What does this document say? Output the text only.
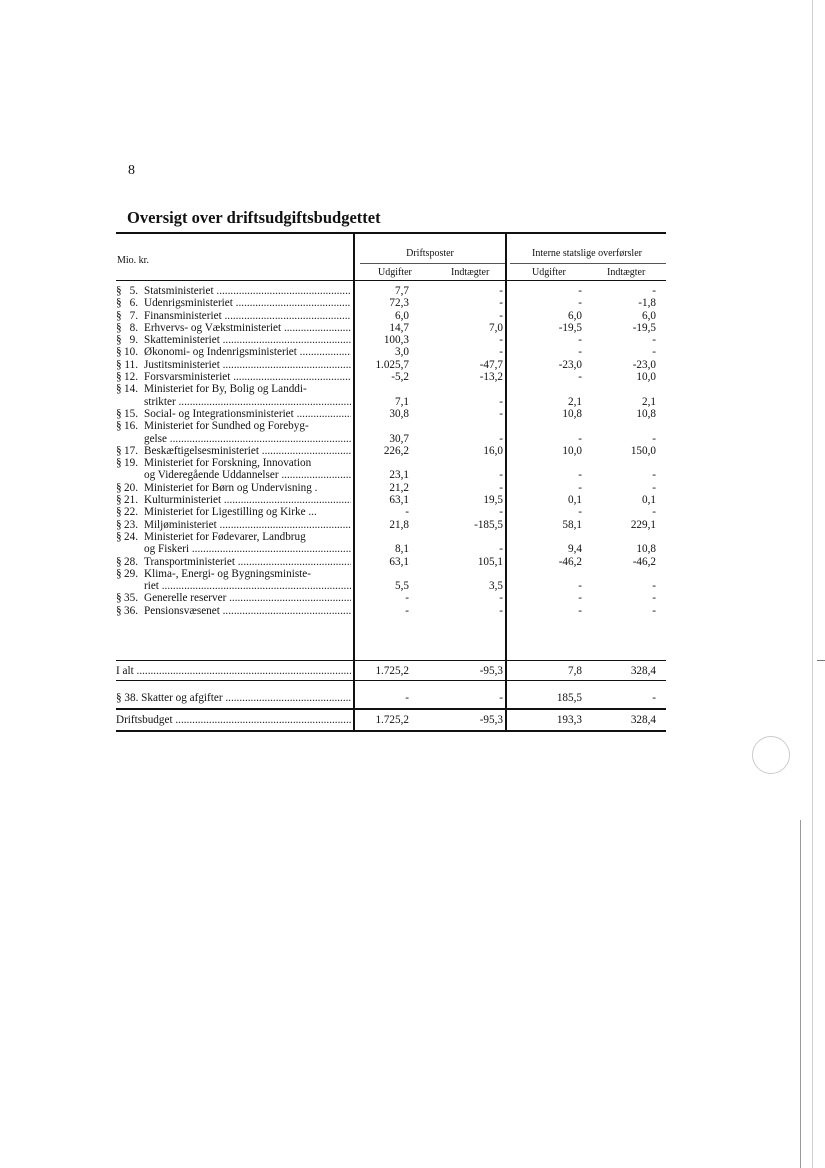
8
Oversigt over driftsudgiftsbudgettet
Mio. kr.
Driftsposter	Interne statslige overførsler
Udgifter	Indtægter	Udgifter	Indtægter
§ 5. Statsministeriet .....	7,7	-	-	-
§ 6. Udenrigsministeriet .....	72,3	-	-	-1,8
§ 7. Finansministeriet .....	6,0	-	6,0	6,0
§ 8. Erhvervs- og Vækstministeriet .....	14,7	7,0	-19,5	-19,5
§ 9. Skatteministeriet .....	100,3	-	-	-
§ 10. Økonomi- og Indenrigsministeriet .....	3,0	-	-	-
§ 11. Justitsministeriet .....	1.025,7	-47,7	-23,0	-23,0
§ 12. Forsvarsministeriet .....	-5,2	-13,2	-	10,0
§ 14. Ministeriet for By, Bolig og Landdi-
strikter .....	7,1	-	2,1	2,1
§ 15. Social- og Integrationsministeriet .....	30,8	-	10,8	10,8
§ 16. Ministeriet for Sundhed og Forebyg-
gelse .....	30,7	-	-	-
§ 17. Beskæftigelsesministeriet .....	226,2	16,0	10,0	150,0
§ 19. Ministeriet for Forskning, Innovation
og Videregående Uddannelser .....	23,1	-	-	-
§ 20. Ministeriet for Børn og Undervisning .	21,2	-	-	-
§ 21. Kulturministeriet .....	63,1	19,5	0,1	0,1
§ 22. Ministeriet for Ligestilling og Kirke ...	-	-	-	-
§ 23. Miljøministeriet .....	21,8	-185,5	58,1	229,1
§ 24. Ministeriet for Fødevarer, Landbrug
og Fiskeri .....	8,1	-	9,4	10,8
§ 28. Transportministeriet .....	63,1	105,1	-46,2	-46,2
§ 29. Klima-, Energi- og Bygningsministe-
riet .....	5,5	3,5	-	-
§ 35. Generelle reserver .....	-	-	-	-
§ 36. Pensionsvæsenet .....	-	-	-	-
I alt .....	1.725,2	-95,3	7,8	328,4
§ 38. Skatter og afgifter .....	-	-	185,5	-
Driftsbudget .....	1.725,2	-95,3	193,3	328,4
